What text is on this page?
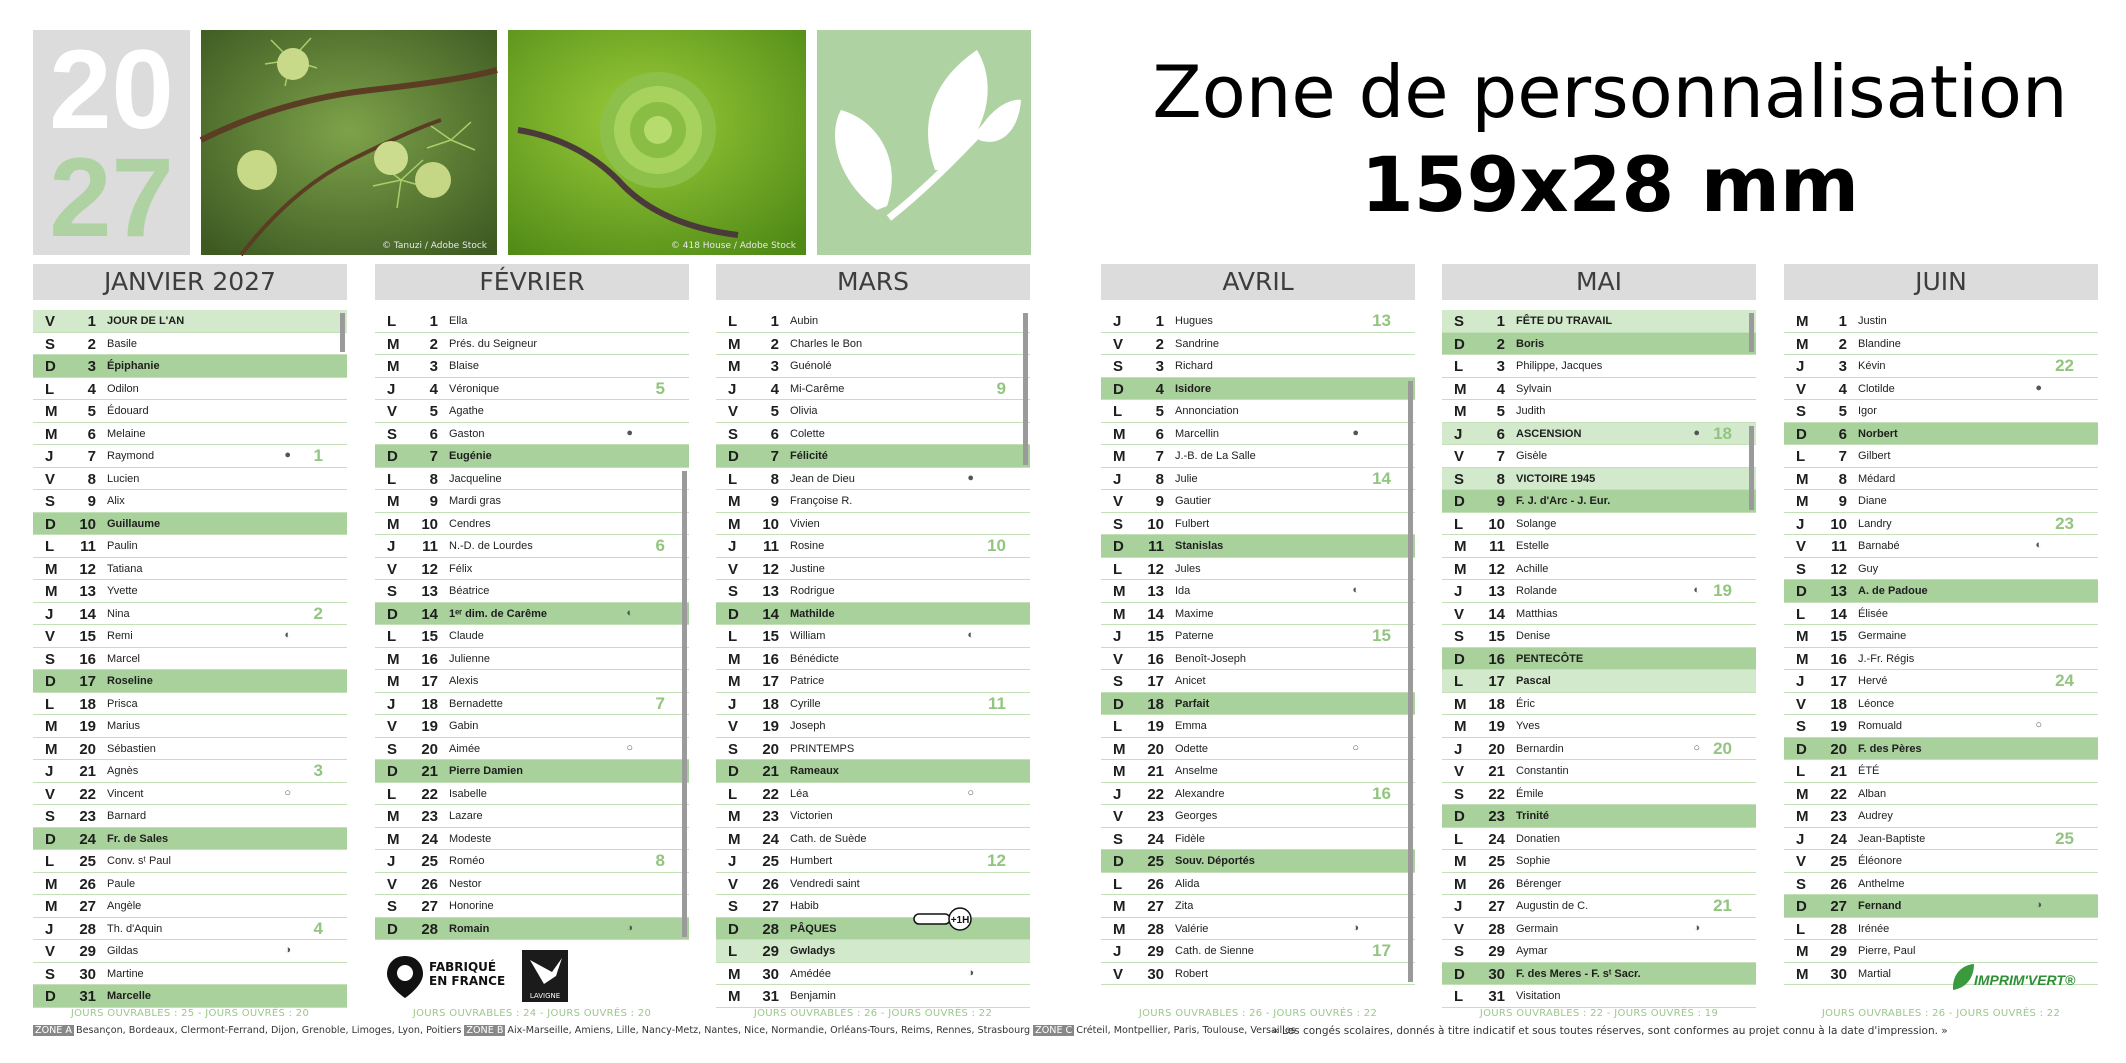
20
27	© Tanuzi / Adobe Stock	© 418 House / Adobe Stock
Zone de personnalisation
159x28 mm
JANVIER 2027
V	1 JOUR DE L'AN
S	2 Basile
D	3 Épiphanie
L	4 Odilon
M	5 Édouard
M	6 Melaine
J	7 Raymond	● 1
V	8 Lucien
S	9 Alix
D	10 Guillaume
L	11 Paulin
M	12 Tatiana
M	13 Yvette
J	14 Nina	2
V	15 Remi	◐
S	16 Marcel
D	17 Roseline
L	18 Prisca
M	19 Marius
M	20 Sébastien
J	21 Agnès	3
V	22 Vincent	○
S	23 Barnard
D	24 Fr. de Sales
L	25 Conv. sᵗ Paul
M	26 Paule
M	27 Angèle
J	28 Th. d'Aquin	4
V	29 Gildas	◑
S	30 Martine
D	31 Marcelle
JOURS OUVRABLES : 25 - JOURS OUVRÉS : 20
FÉVRIER
L	1 Ella
M	2 Prés. du Seigneur
M	3 Blaise
J	4 Véronique	5
V	5 Agathe
S	6 Gaston	●
D	7 Eugénie
L	8 Jacqueline
M	9 Mardi gras
M	10 Cendres
J	11 N.-D. de Lourdes	6
V	12 Félix
S	13 Béatrice
D	14 1ᵉʳ dim. de Carême	◐
L	15 Claude
M	16 Julienne
M	17 Alexis
J	18 Bernadette	7
V	19 Gabin
S	20 Aimée	○
D	21 Pierre Damien
L	22 Isabelle
M	23 Lazare
M	24 Modeste
J	25 Roméo	8
V	26 Nestor
S	27 Honorine
D	28 Romain	◑
JOURS OUVRABLES : 24 - JOURS OUVRÉS : 20
MARS
L	1 Aubin
M	2 Charles le Bon
M	3 Guénolé
J	4 Mi-Carême	9
V	5 Olivia
S	6 Colette
D	7 Félicité
L	8 Jean de Dieu	●
M	9 Françoise R.
M	10 Vivien
J	11 Rosine	10
V	12 Justine
S	13 Rodrigue
D	14 Mathilde
L	15 William	◐
M	16 Bénédicte
M	17 Patrice
J	18 Cyrille	11
V	19 Joseph
S	20 PRINTEMPS
D	21 Rameaux
L	22 Léa	○
M	23 Victorien
M	24 Cath. de Suède
J	25 Humbert	12
V	26 Vendredi saint
S	27 Habib
D	28 PÂQUES
L	29 Gwladys
M	30 Amédée	◑
M	31 Benjamin
JOURS OUVRABLES : 26 - JOURS OUVRÉS : 22
AVRIL
J	1 Hugues	13
V	2 Sandrine
S	3 Richard
D	4 Isidore
L	5 Annonciation
M	6 Marcellin	●
M	7 J.-B. de La Salle
J	8 Julie	14
V	9 Gautier
S	10 Fulbert
D	11 Stanislas
L	12 Jules
M	13 Ida	◐
M	14 Maxime
J	15 Paterne	15
V	16 Benoît-Joseph
S	17 Anicet
D	18 Parfait
L	19 Emma
M	20 Odette	○
M	21 Anselme
J	22 Alexandre	16
V	23 Georges
S	24 Fidèle
D	25 Souv. Déportés
L	26 Alida
M	27 Zita
M	28 Valérie	◑
J	29 Cath. de Sienne	17
V	30 Robert
JOURS OUVRABLES : 26 - JOURS OUVRÉS : 22
MAI
S	1 FÊTE DU TRAVAIL
D	2 Boris
L	3 Philippe, Jacques
M	4 Sylvain
M	5 Judith
J	6 ASCENSION	● 18
V	7 Gisèle
S	8 VICTOIRE 1945
D	9 F. J. d'Arc - J. Eur.
L	10 Solange
M	11 Estelle
M	12 Achille
J	13 Rolande	◐ 19
V	14 Matthias
S	15 Denise
D	16 PENTECÔTE
L	17 Pascal
M	18 Éric
M	19 Yves
J	20 Bernardin	○ 20
V	21 Constantin
S	22 Émile
D	23 Trinité
L	24 Donatien
M	25 Sophie
M	26 Bérenger
J	27 Augustin de C.	21
V	28 Germain	◑
S	29 Aymar
D	30 F. des Meres - F. sᵗ Sacr.
L	31 Visitation
JOURS OUVRABLES : 22 - JOURS OUVRÉS : 19
JUIN
M	1 Justin
M	2 Blandine
J	3 Kévin	22
V	4 Clotilde	●
S	5 Igor
D	6 Norbert
L	7 Gilbert
M	8 Médard
M	9 Diane
J	10 Landry	23
V	11 Barnabé	◐
S	12 Guy
D	13 A. de Padoue
L	14 Élisée
M	15 Germaine
M	16 J.-Fr. Régis
J	17 Hervé	24
V	18 Léonce
S	19 Romuald	○
D	20 F. des Pères
L	21 ÉTÉ
M	22 Alban
M	23 Audrey
J	24 Jean-Baptiste	25
V	25 Éléonore
S	26 Anthelme
D	27 Fernand	◑
L	28 Irénée
M	29 Pierre, Paul
M	30 Martial
JOURS OUVRABLES : 26 - JOURS OUVRÉS : 22
ZONE A Besançon, Bordeaux, Clermont-Ferrand, Dijon, Grenoble, Limoges, Lyon, Poitiers ZONE B Aix-Marseille, Amiens, Lille, Nancy-Metz, Nantes, Nice, Normandie, Orléans-Tours, Reims, Rennes, Strasbourg ZONE C Créteil, Montpellier, Paris, Toulouse, Versailles
« Les congés scolaires, donnés à titre indicatif et sous toutes réserves, sont conformes au projet connu à la date d'impression. »
FABRIQUÉ
EN FRANCE
LAVIGNE
IMPRIM'VERT®
+1H
